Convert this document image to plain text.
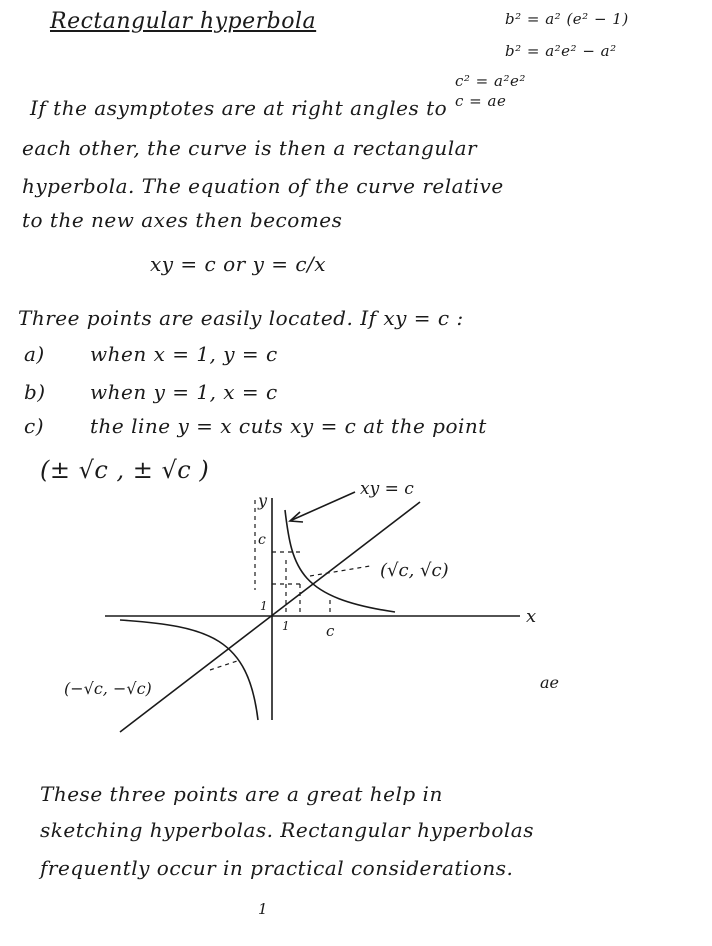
Rectangular hyperbola	b² = a² (e² − 1)
b² = a²e² − a²
c² = a²e²
c = ae
If the asymptotes are at right angles to
each other, the curve is then a rectangular
hyperbola. The equation of the curve relative
to the new axes then becomes
xy = c or y = c/x
Three points are easily located. If xy = c :
a) when x = 1, y = c
b) when y = 1, x = c
c) the line y = x cuts xy = c at the point
(± √c , ± √c )
xy = c
y
x
c
1
1 c
(√c, √c)
(−√c, −√c)	ae
These three points are a great help in
sketching hyperbolas. Rectangular hyperbolas
frequently occur in practical considerations.
1
